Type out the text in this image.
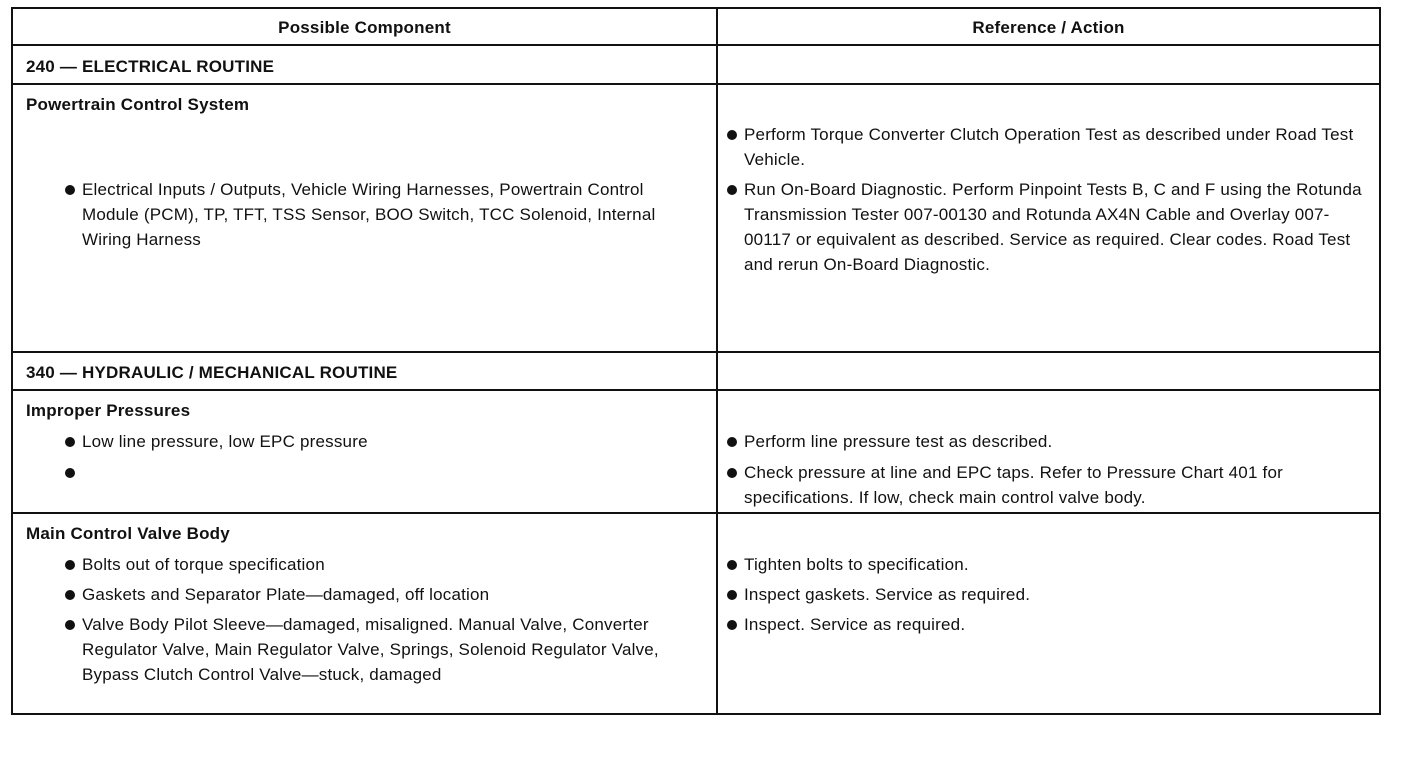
Possible Component	Reference / Action
240 — ELECTRICAL ROUTINE
Powertrain Control System
Electrical Inputs / Outputs, Vehicle Wiring Harnesses, Powertrain Control Module (PCM), TP, TFT, TSS Sensor, BOO Switch, TCC Solenoid, Internal Wiring Harness
Perform Torque Converter Clutch Operation Test as described under Road Test Vehicle.
Run On-Board Diagnostic. Perform Pinpoint Tests B, C and F using the Rotunda Transmission Tester 007-00130 and Rotunda AX4N Cable and Overlay 007-00117 or equivalent as described. Service as required. Clear codes. Road Test and rerun On-Board Diagnostic.
340 — HYDRAULIC / MECHANICAL ROUTINE
Improper Pressures
Low line pressure, low EPC pressure	Perform line pressure test as described.
Check pressure at line and EPC taps. Refer to Pressure Chart 401 for specifications. If low, check main control valve body.
Main Control Valve Body
Bolts out of torque specification
Gaskets and Separator Plate—damaged, off location
Valve Body Pilot Sleeve—damaged, misaligned. Manual Valve, Converter Regulator Valve, Main Regulator Valve, Springs, Solenoid Regulator Valve, Bypass Clutch Control Valve—stuck, damaged
Tighten bolts to specification.
Inspect gaskets. Service as required.
Inspect. Service as required.
